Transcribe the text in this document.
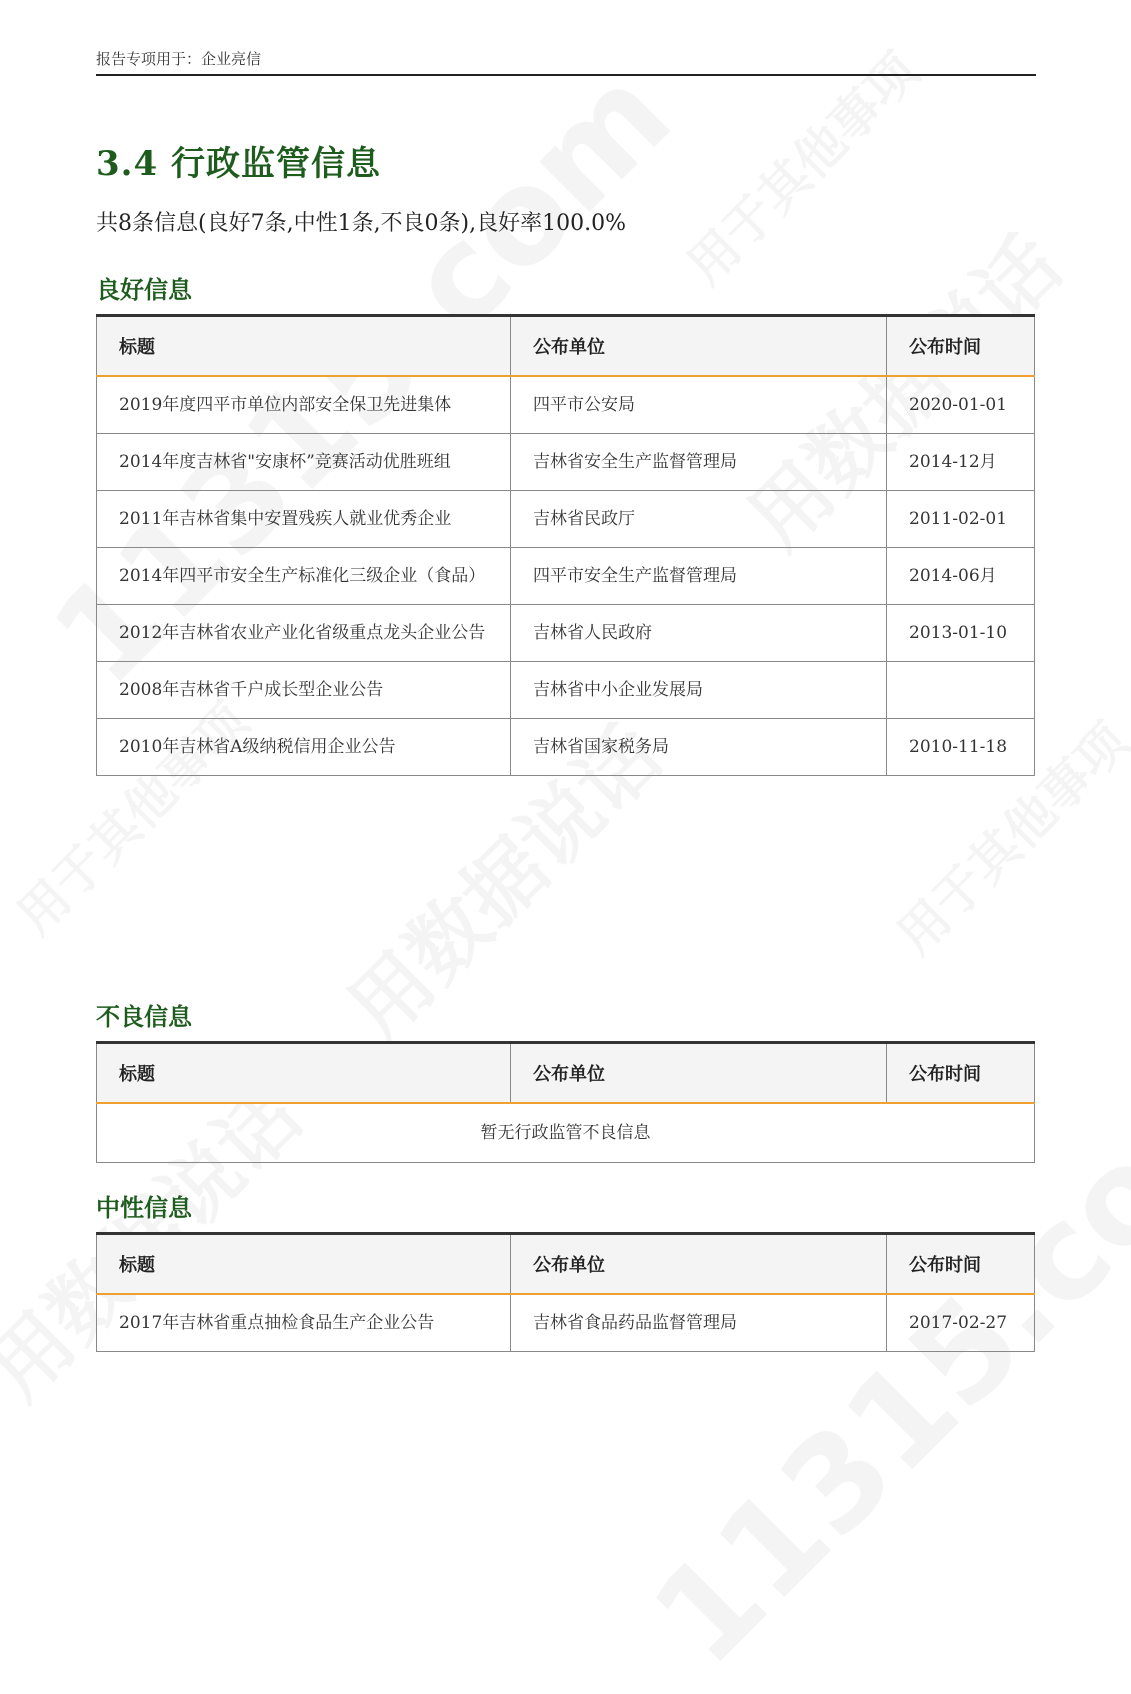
报告专项用于：企业亮信
3.4 行政监管信息
共8条信息(良好7条,中性1条,不良0条),良好率100.0%
良好信息
标题	公布单位	公布时间
2019年度四平市单位内部安全保卫先进集体	四平市公安局	2020-01-01
2014年度吉林省"安康杯”竞赛活动优胜班组	吉林省安全生产监督管理局	2014-12月
2011年吉林省集中安置残疾人就业优秀企业	吉林省民政厅	2011-02-01
2014年四平市安全生产标准化三级企业（食品）	四平市安全生产监督管理局	2014-06月
2012年吉林省农业产业化省级重点龙头企业公告	吉林省人民政府	2013-01-10
2008年吉林省千户成长型企业公告	吉林省中小企业发展局	
2010年吉林省A级纳税信用企业公告	吉林省国家税务局	2010-11-18
不良信息
标题	公布单位	公布时间
暂无行政监管不良信息
中性信息
标题	公布单位	公布时间
2017年吉林省重点抽检食品生产企业公告	吉林省食品药品监督管理局	2017-02-27
